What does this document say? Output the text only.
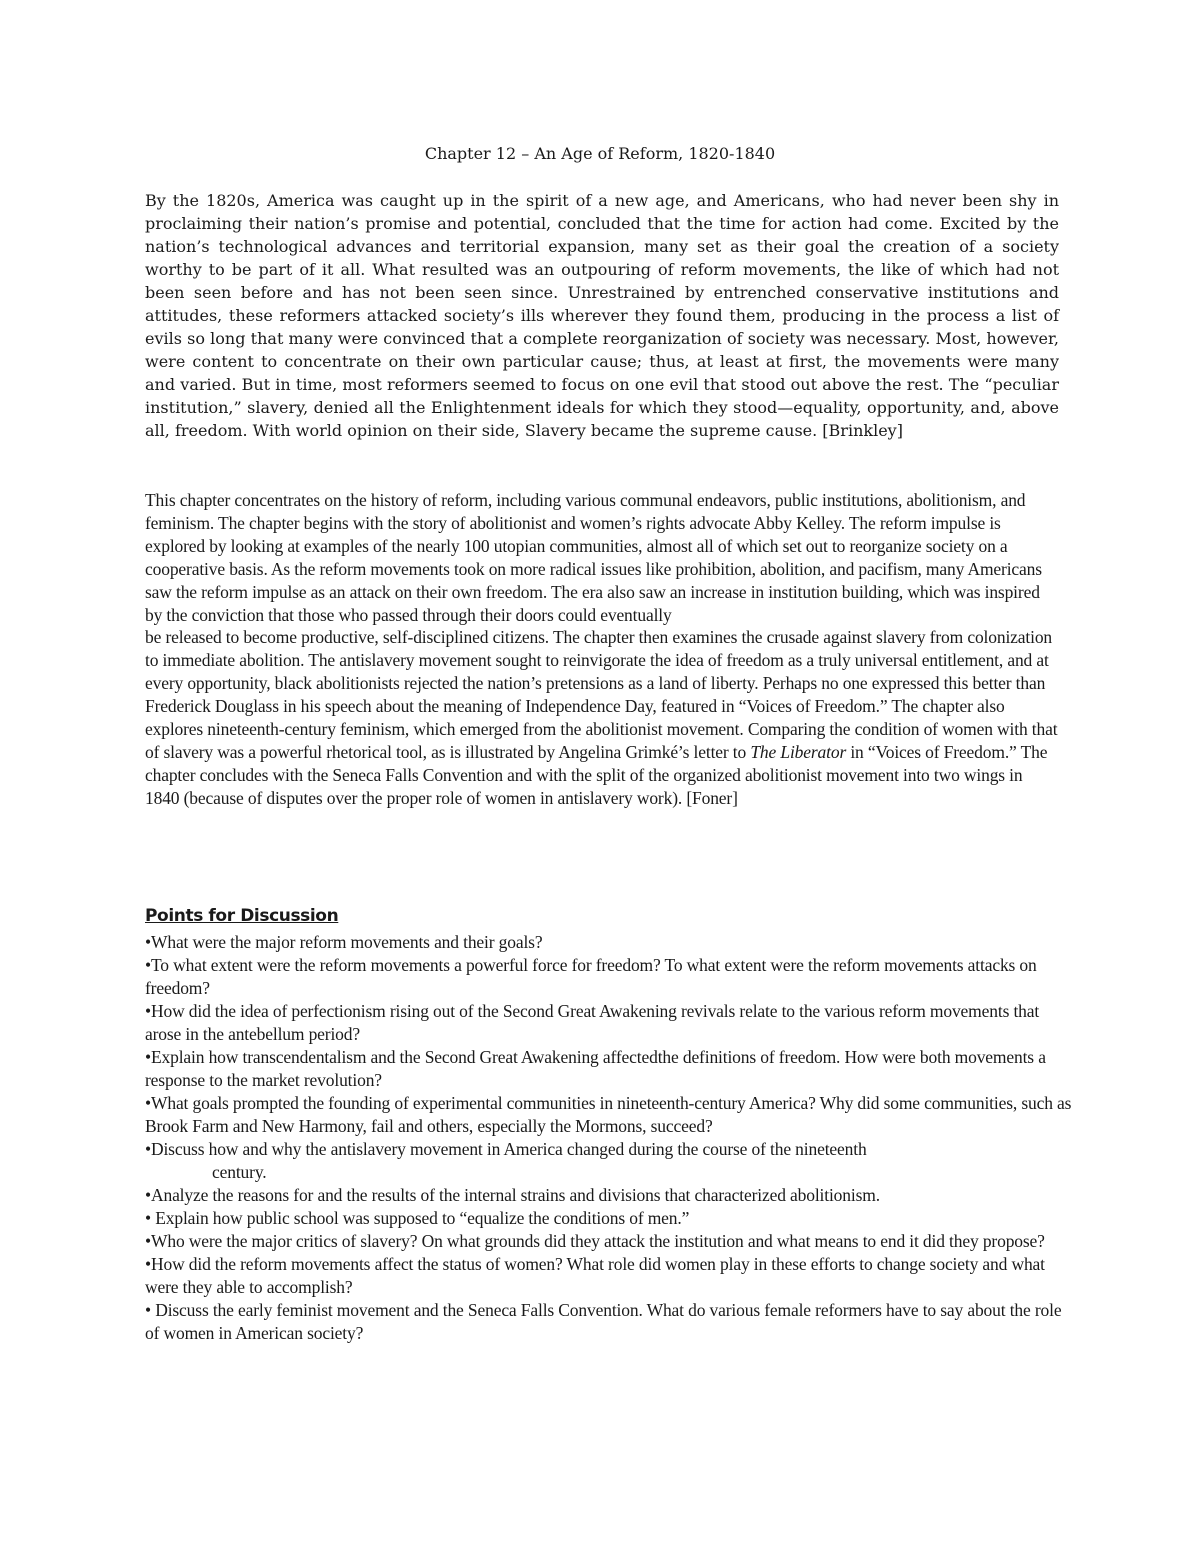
Chapter 12 – An Age of Reform, 1820-1840

By the 1820s, America was caught up in the spirit of a new age, and Americans, who had never been shy in proclaiming their nation’s promise and potential, concluded that the time for action had come. Excited by the nation’s technological advances and territorial expansion, many set as their goal the creation of a society worthy to be part of it all. What resulted was an outpouring of reform movements, the like of which had not been seen before and has not been seen since. Unrestrained by entrenched conservative institutions and attitudes, these reformers attacked society’s ills wherever they found them, producing in the process a list of evils so long that many were convinced that a complete reorganization of society was necessary. Most, however, were content to concentrate on their own particular cause; thus, at least at first, the movements were many and varied. But in time, most reformers seemed to focus on one evil that stood out above the rest. The “peculiar institution,” slavery, denied all the Enlightenment ideals for which they stood—equality, opportunity, and, above all, freedom. With world opinion on their side, Slavery became the supreme cause. [Brinkley]

This chapter concentrates on the history of reform, including various communal endeavors, public institutions, abolitionism, and feminism. The chapter begins with the story of abolitionist and women’s rights advocate Abby Kelley. The reform impulse is explored by looking at examples of the nearly 100 utopian communities, almost all of which set out to reorganize society on a cooperative basis. As the reform movements took on more radical issues like prohibition, abolition, and pacifism, many Americans saw the reform impulse as an attack on their own freedom. The era also saw an increase in institution building, which was inspired by the conviction that those who passed through their doors could eventually
be released to become productive, self-disciplined citizens. The chapter then examines the crusade against slavery from colonization to immediate abolition. The antislavery movement sought to reinvigorate the idea of freedom as a truly universal entitlement, and at every opportunity, black abolitionists rejected the nation’s pretensions as a land of liberty. Perhaps no one expressed this better than Frederick Douglass in his speech about the meaning of Independence Day, featured in “Voices of Freedom.” The chapter also explores nineteenth-century feminism, which emerged from the abolitionist movement. Comparing the condition of women with that of slavery was a powerful rhetorical tool, as is illustrated by Angelina Grimké’s letter to The Liberator in “Voices of Freedom.” The chapter concludes with the Seneca Falls Convention and with the split of the organized abolitionist movement into two wings in 1840 (because of disputes over the proper role of women in antislavery work). [Foner]

Points for Discussion
•What were the major reform movements and their goals?
•To what extent were the reform movements a powerful force for freedom? To what extent were the reform movements attacks on freedom?
•How did the idea of perfectionism rising out of the Second Great Awakening revivals relate to the various reform movements that arose in the antebellum period?
•Explain how transcendentalism and the Second Great Awakening affectedthe definitions of freedom. How were both movements a response to the market revolution?
•What goals prompted the founding of experimental communities in nineteenth-century America? Why did some communities, such as Brook Farm and New Harmony, fail and others, especially the Mormons, succeed?
•Discuss how and why the antislavery movement in America changed during the course of the nineteenth
century.
•Analyze the reasons for and the results of the internal strains and divisions that characterized abolitionism.
• Explain how public school was supposed to “equalize the conditions of men.”
•Who were the major critics of slavery? On what grounds did they attack the institution and what means to end it did they propose?
•How did the reform movements affect the status of women? What role did women play in these efforts to change society and what were they able to accomplish?
• Discuss the early feminist movement and the Seneca Falls Convention. What do various female reformers have to say about the role of women in American society?
